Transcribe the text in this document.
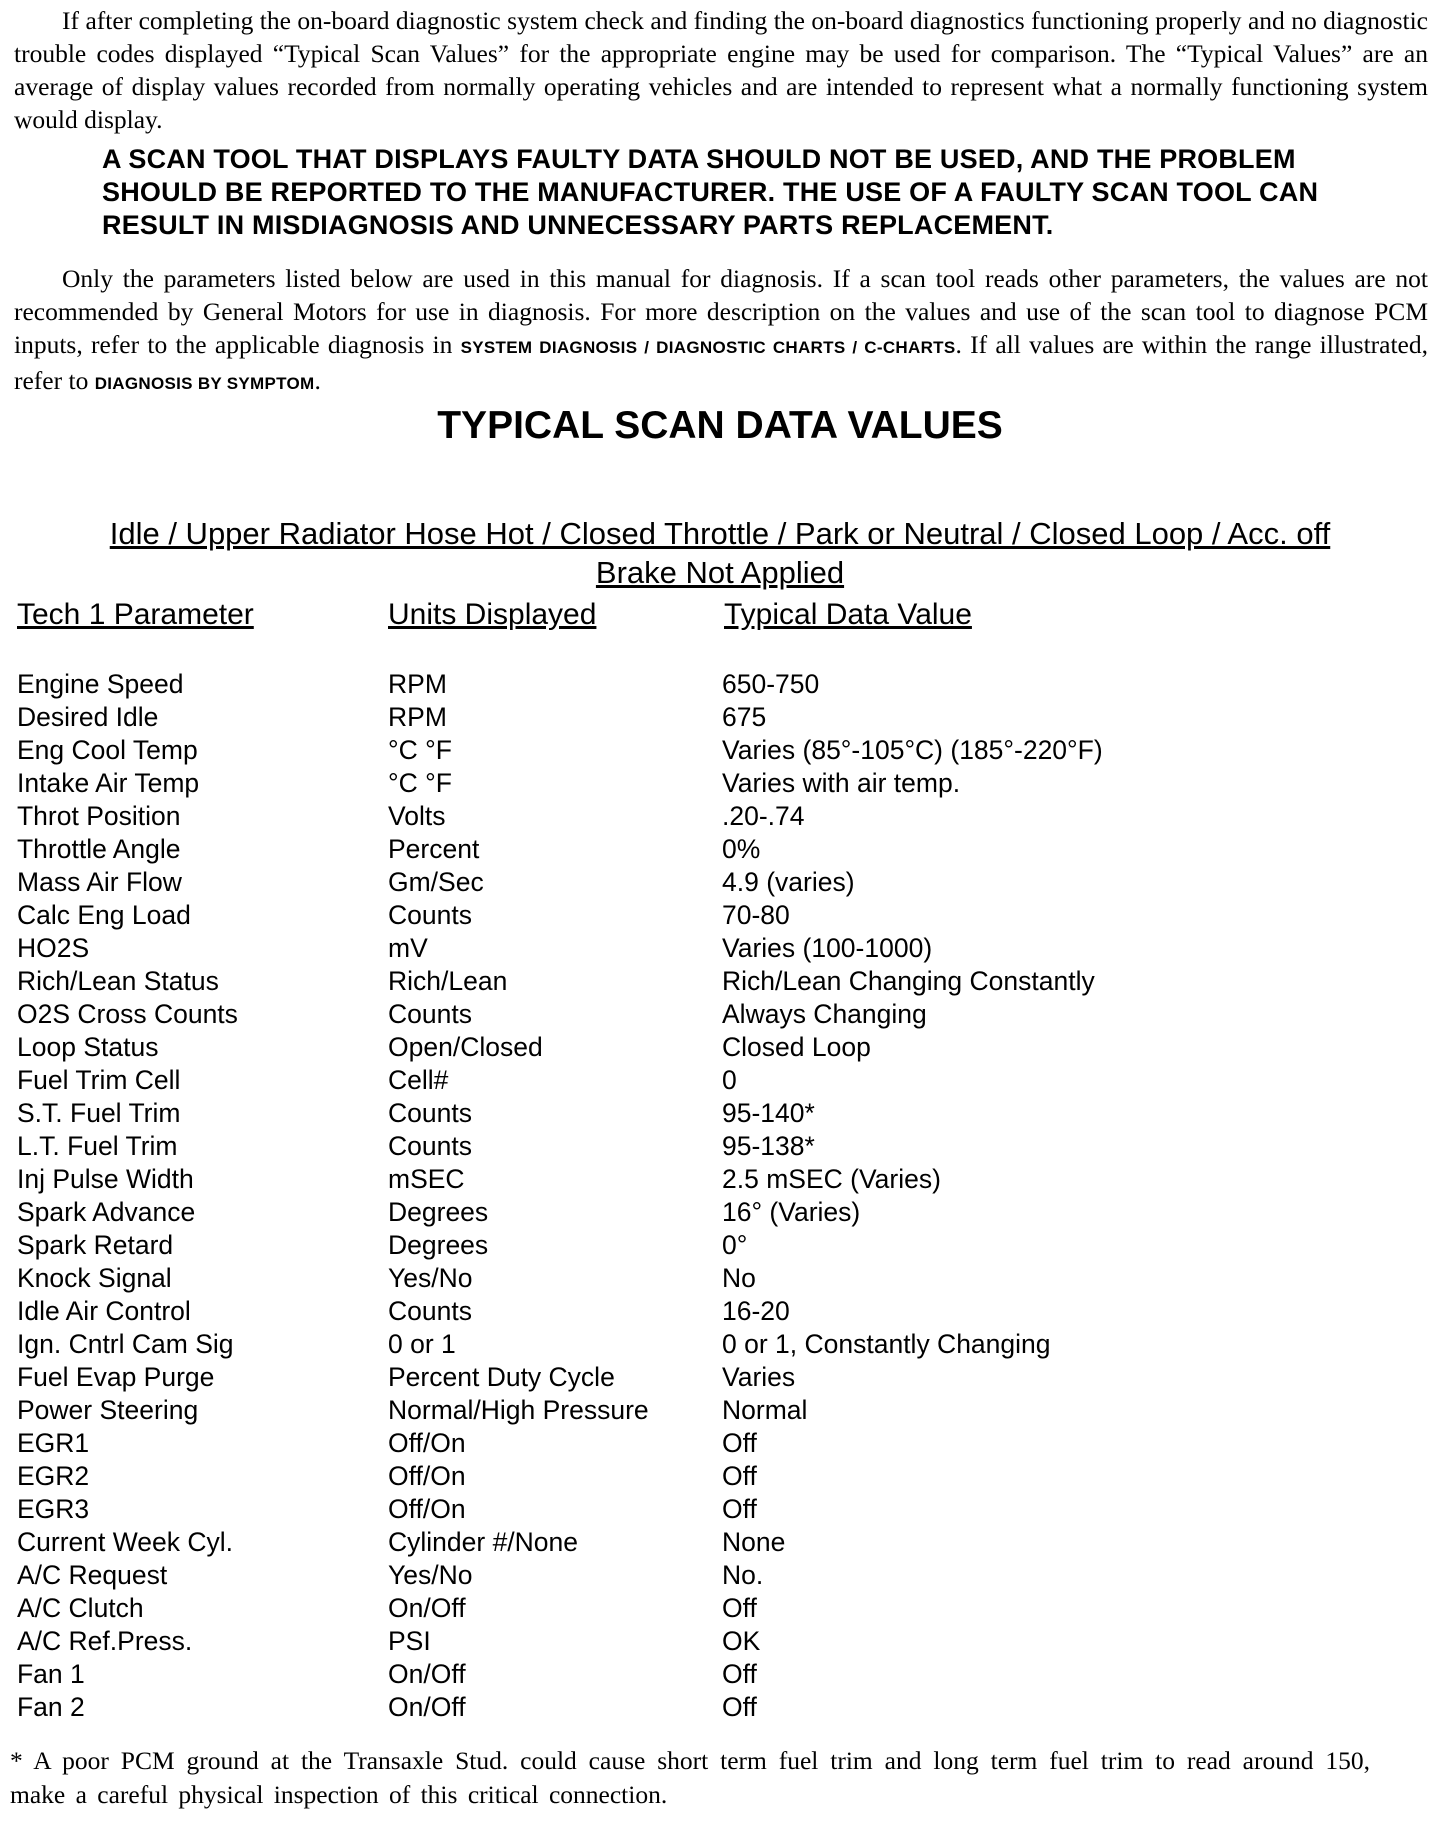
If after completing the on-board diagnostic system check and finding the on-board diagnostics functioning properly and no diagnostic trouble codes displayed “Typical Scan Values” for the appropriate engine may be used for comparison. The “Typical Values” are an average of display values recorded from normally operating vehicles and are intended to represent what a normally functioning system would display.

A SCAN TOOL THAT DISPLAYS FAULTY DATA SHOULD NOT BE USED, AND THE PROBLEM SHOULD BE REPORTED TO THE MANUFACTURER. THE USE OF A FAULTY SCAN TOOL CAN RESULT IN MISDIAGNOSIS AND UNNECESSARY PARTS REPLACEMENT.

Only the parameters listed below are used in this manual for diagnosis. If a scan tool reads other parameters, the values are not recommended by General Motors for use in diagnosis. For more description on the values and use of the scan tool to diagnose PCM inputs, refer to the applicable diagnosis in SYSTEM DIAGNOSIS / DIAGNOSTIC CHARTS / C-CHARTS. If all values are within the range illustrated, refer to DIAGNOSIS BY SYMPTOM.

TYPICAL SCAN DATA VALUES
Idle / Upper Radiator Hose Hot / Closed Throttle / Park or Neutral / Closed Loop / Acc. off
Brake Not Applied
Tech 1 Parameter	Units Displayed	Typical Data Value
Engine Speed	RPM	650-750
Desired Idle	RPM	675
Eng Cool Temp	°C °F	Varies (85°-105°C) (185°-220°F)
Intake Air Temp	°C °F	Varies with air temp.
Throt Position	Volts	.20-.74
Throttle Angle	Percent	0%
Mass Air Flow	Gm/Sec	4.9 (varies)
Calc Eng Load	Counts	70-80
HO2S	mV	Varies (100-1000)
Rich/Lean Status	Rich/Lean	Rich/Lean Changing Constantly
O2S Cross Counts	Counts	Always Changing
Loop Status	Open/Closed	Closed Loop
Fuel Trim Cell	Cell#	0
S.T. Fuel Trim	Counts	95-140*
L.T. Fuel Trim	Counts	95-138*
Inj Pulse Width	mSEC	2.5 mSEC (Varies)
Spark Advance	Degrees	16° (Varies)
Spark Retard	Degrees	0°
Knock Signal	Yes/No	No
Idle Air Control	Counts	16-20
Ign. Cntrl Cam Sig	0 or 1	0 or 1, Constantly Changing
Fuel Evap Purge	Percent Duty Cycle	Varies
Power Steering	Normal/High Pressure	Normal
EGR1	Off/On	Off
EGR2	Off/On	Off
EGR3	Off/On	Off
Current Week Cyl.	Cylinder #/None	None
A/C Request	Yes/No	No.
A/C Clutch	On/Off	Off
A/C Ref.Press.	PSI	OK
Fan 1	On/Off	Off
Fan 2	On/Off	Off

* A poor PCM ground at the Transaxle Stud. could cause short term fuel trim and long term fuel trim to read around 150, make a careful physical inspection of this critical connection.
